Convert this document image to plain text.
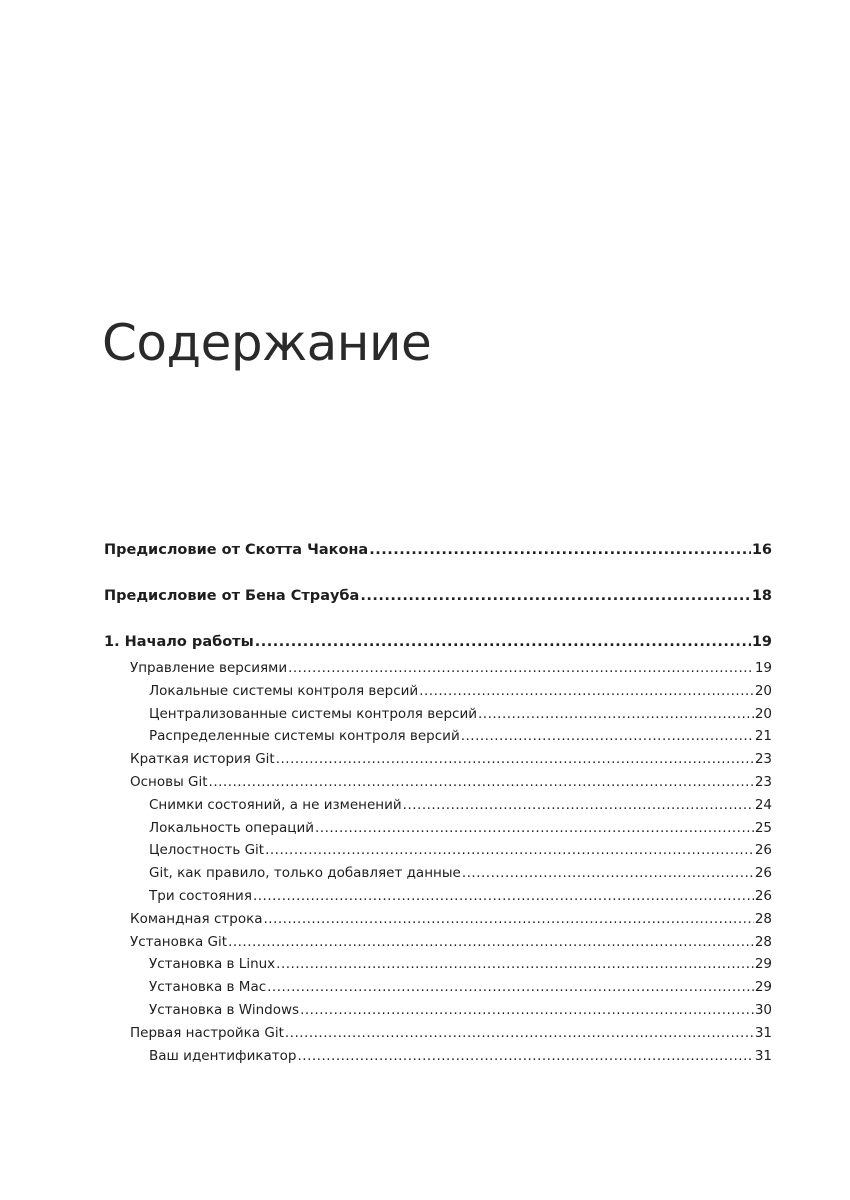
Содержание
Предисловие от Скотта Чакона .....	16
Предисловие от Бена Страуба .....	18
1. Начало работы .....	19
Управление версиями .....	19
Локальные системы контроля версий .....	20
Централизованные системы контроля версий .....	20
Распределенные системы контроля версий .....	21
Краткая история Git .....	23
Основы Git .....	23
Снимки состояний, а не изменений .....	24
Локальность операций .....	25
Целостность Git .....	26
Git, как правило, только добавляет данные .....	26
Три состояния .....	26
Командная строка .....	28
Установка Git .....	28
Установка в Linux .....	29
Установка в Mac .....	29
Установка в Windows .....	30
Первая настройка Git .....	31
Ваш идентификатор .....	31
